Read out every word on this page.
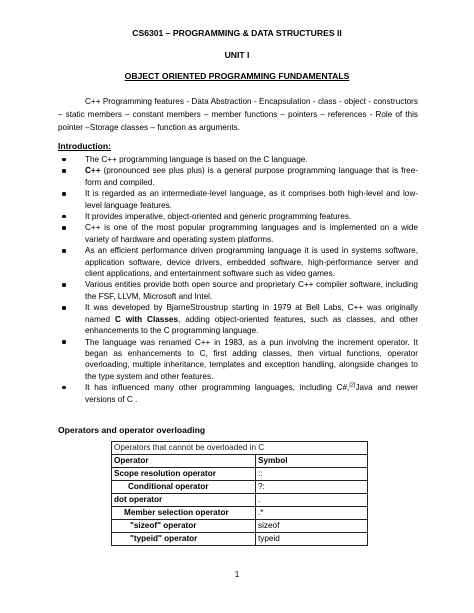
CS6301 – PROGRAMMING & DATA STRUCTURES II
UNIT I
OBJECT ORIENTED PROGRAMMING FUNDAMENTALS

C++ Programming features - Data Abstraction - Encapsulation - class - object - constructors – static members – constant members – member functions – pointers – references - Role of this pointer –Storage classes – function as arguments.

Introduction:
The C++ programming language is based on the C language.
C++ (pronounced see plus plus) is a general purpose programming language that is free-form and compiled.
It is regarded as an intermediate-level language, as it comprises both high-level and low-level language features.
It provides imperative, object-oriented and generic programming features.
C++ is one of the most popular programming languages and is implemented on a wide variety of hardware and operating system platforms.
As an efficient performance driven programming language it is used in systems software, application software, device drivers, embedded software, high-performance server and client applications, and entertainment software such as video games.
Various entities provide both open source and proprietary C++ compiler software, including the FSF, LLVM, Microsoft and Intel.
It was developed by BjarneStroustrup starting in 1979 at Bell Labs, C++ was originally named C with Classes, adding object-oriented features, such as classes, and other enhancements to the C programming language.
The language was renamed C++ in 1983, as a pun involving the increment operator. It began as enhancements to C, first adding classes, then virtual functions, operator overloading, multiple inheritance, templates and exception handling, alongside changes to the type system and other features.
It has influenced many other programming languages, including C#,[2]Java and newer versions of C .
Operators and operator overloading
Operators that cannot be overloaded in C	
Operator	Symbol
Scope resolution operator	::
Conditional operator	?:
dot operator	.
Member selection operator	.*
"sizeof" operator	sizeof
"typeid" operator	typeid
1
